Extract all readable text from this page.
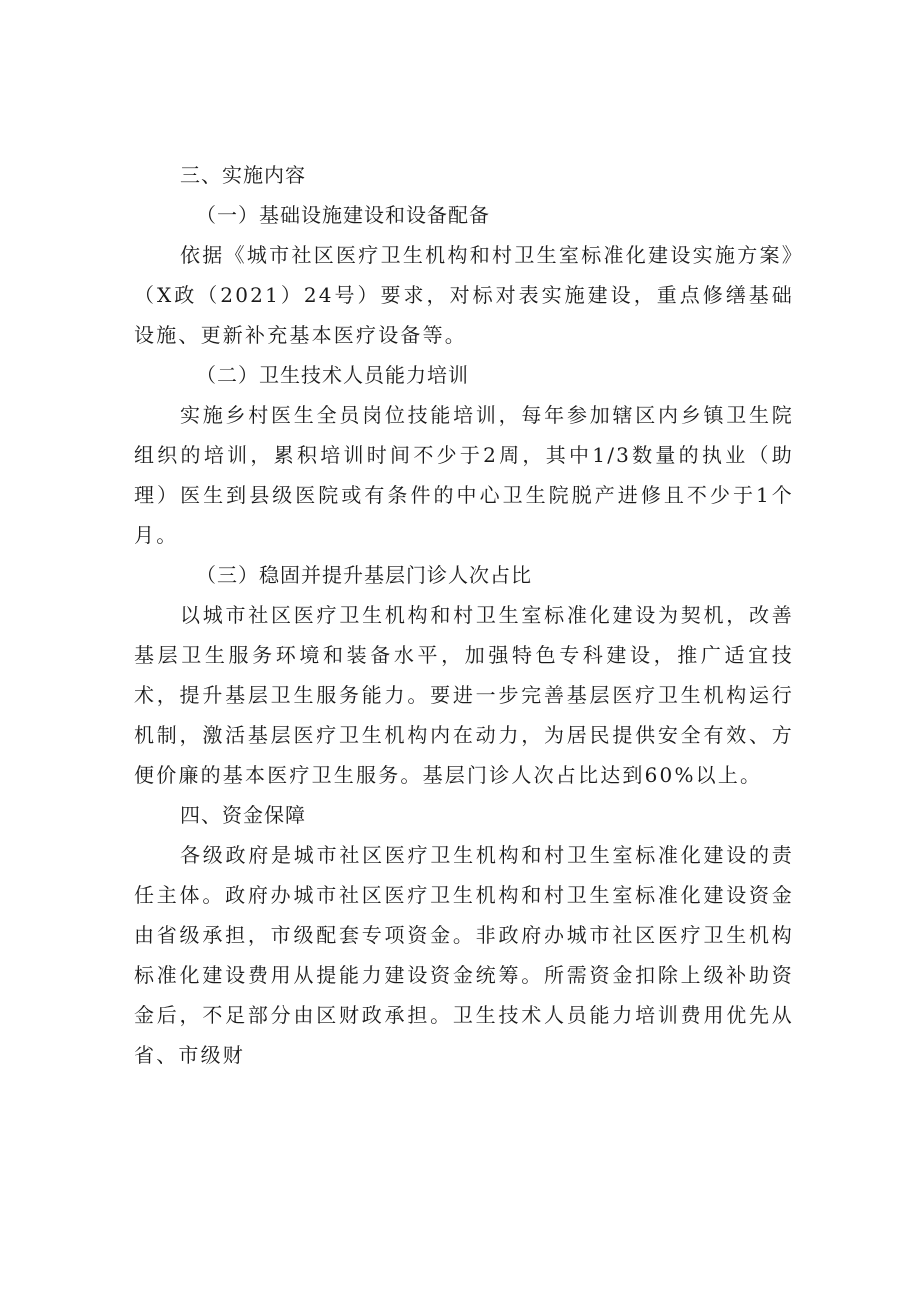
三、实施内容
（一）基础设施建设和设备配备

依据《城市社区医疗卫生机构和村卫生室标准化建设实施方案》（X政（2021）24号）要求，对标对表实施建设，重点修缮基础设施、更新补充基本医疗设备等。

（二）卫生技术人员能力培训

实施乡村医生全员岗位技能培训，每年参加辖区内乡镇卫生院组织的培训，累积培训时间不少于2周，其中1/3数量的执业（助理）医生到县级医院或有条件的中心卫生院脱产进修且不少于1个月。

（三）稳固并提升基层门诊人次占比

以城市社区医疗卫生机构和村卫生室标准化建设为契机，改善基层卫生服务环境和装备水平，加强特色专科建设，推广适宜技术，提升基层卫生服务能力。要进一步完善基层医疗卫生机构运行机制，激活基层医疗卫生机构内在动力，为居民提供安全有效、方便价廉的基本医疗卫生服务。基层门诊人次占比达到60%以上。

四、资金保障

各级政府是城市社区医疗卫生机构和村卫生室标准化建设的责任主体。政府办城市社区医疗卫生机构和村卫生室标准化建设资金由省级承担，市级配套专项资金。非政府办城市社区医疗卫生机构标准化建设费用从提能力建设资金统筹。所需资金扣除上级补助资金后，不足部分由区财政承担。卫生技术人员能力培训费用优先从省、市级财
